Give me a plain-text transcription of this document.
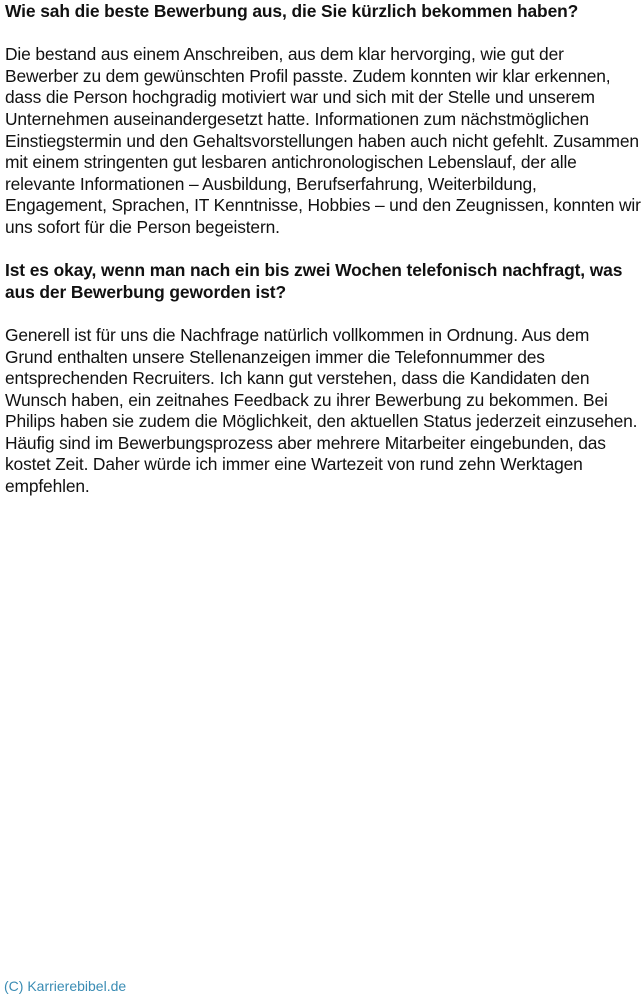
Wie sah die beste Bewerbung aus, die Sie kürzlich bekommen haben?

Die bestand aus einem Anschreiben, aus dem klar hervorging, wie gut der Bewerber zu dem gewünschten Profil passte. Zudem konnten wir klar erkennen, dass die Person hochgradig motiviert war und sich mit der Stelle und unserem Unternehmen auseinandergesetzt hatte. Informationen zum nächstmöglichen Einstiegstermin und den Gehaltsvorstellungen haben auch nicht gefehlt. Zusammen mit einem stringenten gut lesbaren antichronologischen Lebenslauf, der alle relevante Informationen – Ausbildung, Berufserfahrung, Weiterbildung, Engagement, Sprachen, IT Kenntnisse, Hobbies – und den Zeugnissen, konnten wir uns sofort für die Person begeistern.

Ist es okay, wenn man nach ein bis zwei Wochen telefonisch nachfragt, was aus der Bewerbung geworden ist?

Generell ist für uns die Nachfrage natürlich vollkommen in Ordnung. Aus dem Grund enthalten unsere Stellenanzeigen immer die Telefonnummer des entsprechenden Recruiters. Ich kann gut verstehen, dass die Kandidaten den Wunsch haben, ein zeitnahes Feedback zu ihrer Bewerbung zu bekommen. Bei Philips haben sie zudem die Möglichkeit, den aktuellen Status jederzeit einzusehen. Häufig sind im Bewerbungsprozess aber mehrere Mitarbeiter eingebunden, das kostet Zeit. Daher würde ich immer eine Wartezeit von rund zehn Werktagen empfehlen.

(C) Karrierebibel.de
